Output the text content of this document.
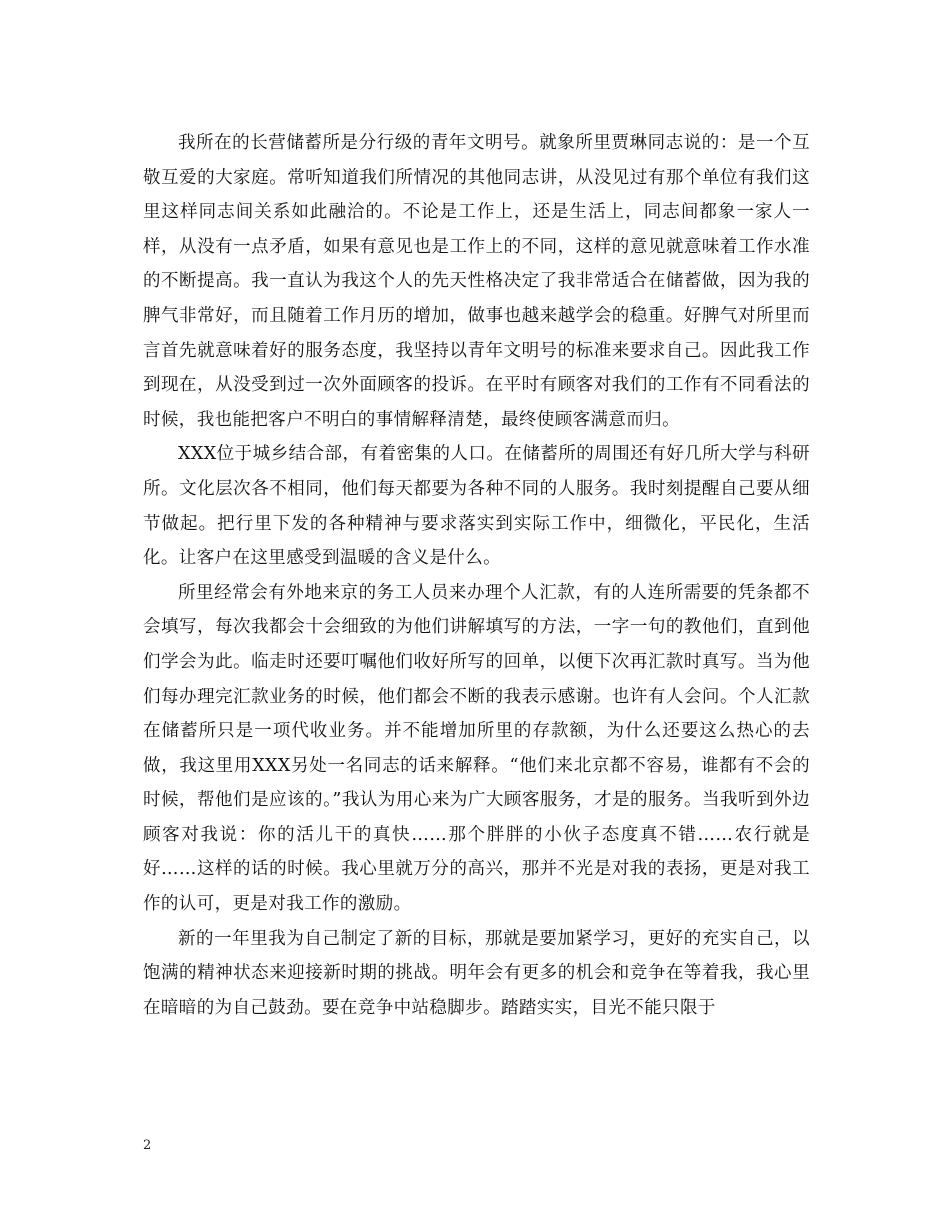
我所在的长营储蓄所是分行级的青年文明号。就象所里贾琳同志说的：是一个互敬互爱的大家庭。常听知道我们所情况的其他同志讲，从没见过有那个单位有我们这里这样同志间关系如此融洽的。不论是工作上，还是生活上，同志间都象一家人一样，从没有一点矛盾，如果有意见也是工作上的不同，这样的意见就意味着工作水准的不断提高。我一直认为我这个人的先天性格决定了我非常适合在储蓄做，因为我的脾气非常好，而且随着工作月历的增加，做事也越来越学会的稳重。好脾气对所里而言首先就意味着好的服务态度，我坚持以青年文明号的标准来要求自己。因此我工作到现在，从没受到过一次外面顾客的投诉。在平时有顾客对我们的工作有不同看法的时候，我也能把客户不明白的事情解释清楚，最终使顾客满意而归。

XXX位于城乡结合部，有着密集的人口。在储蓄所的周围还有好几所大学与科研所。文化层次各不相同，他们每天都要为各种不同的人服务。我时刻提醒自己要从细节做起。把行里下发的各种精神与要求落实到实际工作中，细微化，平民化，生活化。让客户在这里感受到温暖的含义是什么。

所里经常会有外地来京的务工人员来办理个人汇款，有的人连所需要的凭条都不会填写，每次我都会十会细致的为他们讲解填写的方法，一字一句的教他们，直到他们学会为此。临走时还要叮嘱他们收好所写的回单，以便下次再汇款时真写。当为他们每办理完汇款业务的时候，他们都会不断的我表示感谢。也许有人会问。个人汇款在储蓄所只是一项代收业务。并不能增加所里的存款额，为什么还要这么热心的去做，我这里用XXX另处一名同志的话来解释。“他们来北京都不容易，谁都有不会的时候，帮他们是应该的。”我认为用心来为广大顾客服务，才是的服务。当我听到外边顾客对我说：你的活儿干的真快……那个胖胖的小伙子态度真不错……农行就是好……这样的话的时候。我心里就万分的高兴，那并不光是对我的表扬，更是对我工作的认可，更是对我工作的激励。

新的一年里我为自己制定了新的目标，那就是要加紧学习，更好的充实自己，以饱满的精神状态来迎接新时期的挑战。明年会有更多的机会和竞争在等着我，我心里在暗暗的为自己鼓劲。要在竞争中站稳脚步。踏踏实实，目光不能只限于

2
